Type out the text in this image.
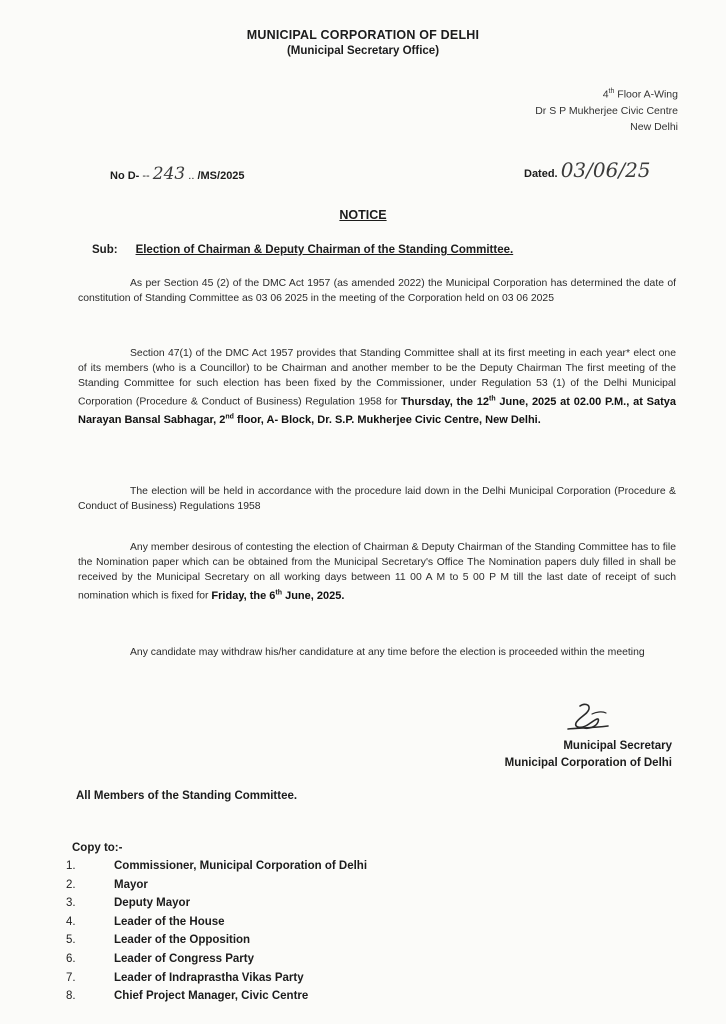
MUNICIPAL CORPORATION OF DELHI
(Municipal Secretary Office)
4th Floor A-Wing
Dr S P Mukherjee Civic Centre
New Delhi
No D- -- 243 .. /MS/2025	Dated. 03/06/25
NOTICE
Sub: Election of Chairman & Deputy Chairman of the Standing Committee.
As per Section 45 (2) of the DMC Act 1957 (as amended 2022) the Municipal Corporation has determined the date of constitution of Standing Committee as 03 06 2025 in the meeting of the Corporation held on 03 06 2025
Section 47(1) of the DMC Act 1957 provides that Standing Committee shall at its first meeting in each year* elect one of its members (who is a Councillor) to be Chairman and another member to be the Deputy Chairman The first meeting of the Standing Committee for such election has been fixed by the Commissioner, under Regulation 53 (1) of the Delhi Municipal Corporation (Procedure & Conduct of Business) Regulation 1958 for Thursday, the 12th June, 2025 at 02.00 P.M., at Satya Narayan Bansal Sabhagar, 2nd floor, A- Block, Dr. S.P. Mukherjee Civic Centre, New Delhi.
The election will be held in accordance with the procedure laid down in the Delhi Municipal Corporation (Procedure & Conduct of Business) Regulations 1958
Any member desirous of contesting the election of Chairman & Deputy Chairman of the Standing Committee has to file the Nomination paper which can be obtained from the Municipal Secretary's Office The Nomination papers duly filled in shall be received by the Municipal Secretary on all working days between 11 00 A M to 5 00 P M till the last date of receipt of such nomination which is fixed for Friday, the 6th June, 2025.
Any candidate may withdraw his/her candidature at any time before the election is proceeded within the meeting
Municipal Secretary
Municipal Corporation of Delhi
All Members of the Standing Committee.
Copy to:-
1.	Commissioner, Municipal Corporation of Delhi
2.	Mayor
3.	Deputy Mayor
4.	Leader of the House
5.	Leader of the Opposition
6.	Leader of Congress Party
7.	Leader of Indraprastha Vikas Party
8.	Chief Project Manager, Civic Centre
